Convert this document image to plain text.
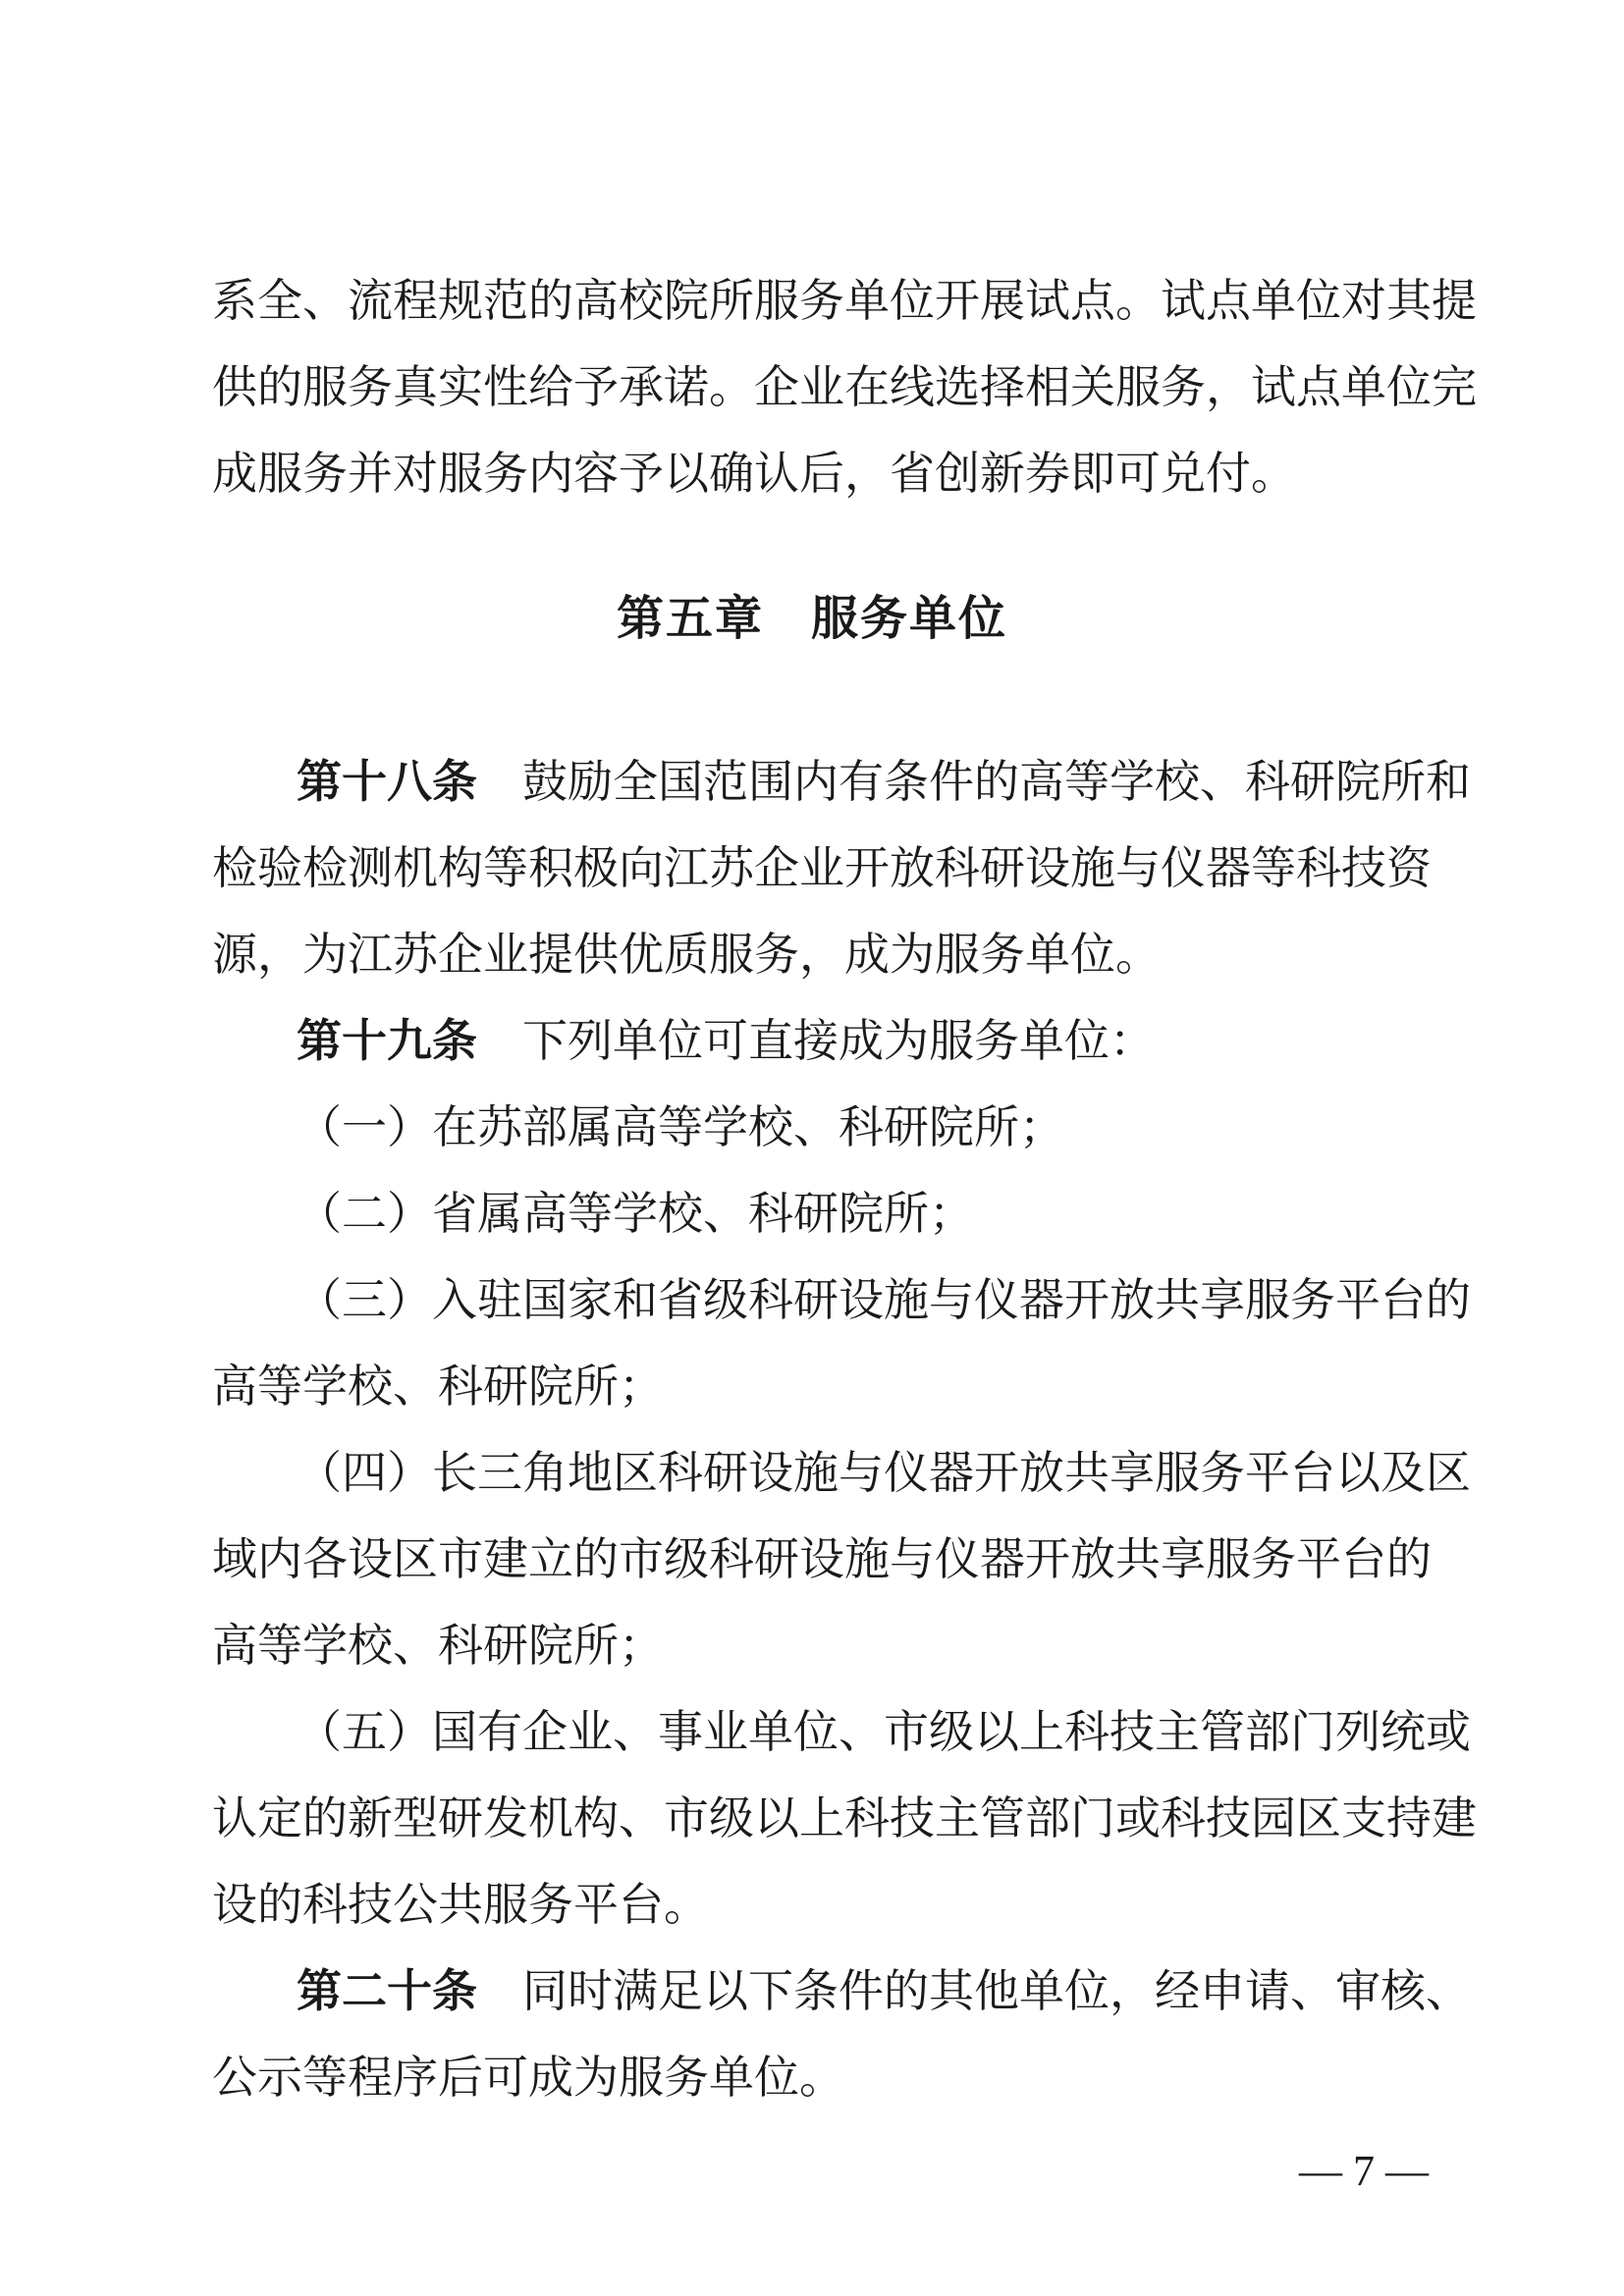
系全、流程规范的高校院所服务单位开展试点。试点单位对其提
供的服务真实性给予承诺。企业在线选择相关服务，试点单位完
成服务并对服务内容予以确认后，省创新券即可兑付。
第五章 服务单位
第十八条 鼓励全国范围内有条件的高等学校、科研院所和
检验检测机构等积极向江苏企业开放科研设施与仪器等科技资
源，为江苏企业提供优质服务，成为服务单位。
第十九条 下列单位可直接成为服务单位：
（一）在苏部属高等学校、科研院所；
（二）省属高等学校、科研院所；
（三）入驻国家和省级科研设施与仪器开放共享服务平台的
高等学校、科研院所；
（四）长三角地区科研设施与仪器开放共享服务平台以及区
域内各设区市建立的市级科研设施与仪器开放共享服务平台的
高等学校、科研院所；
（五）国有企业、事业单位、市级以上科技主管部门列统或
认定的新型研发机构、市级以上科技主管部门或科技园区支持建
设的科技公共服务平台。
第二十条 同时满足以下条件的其他单位，经申请、审核、
公示等程序后可成为服务单位。
— 7 —
